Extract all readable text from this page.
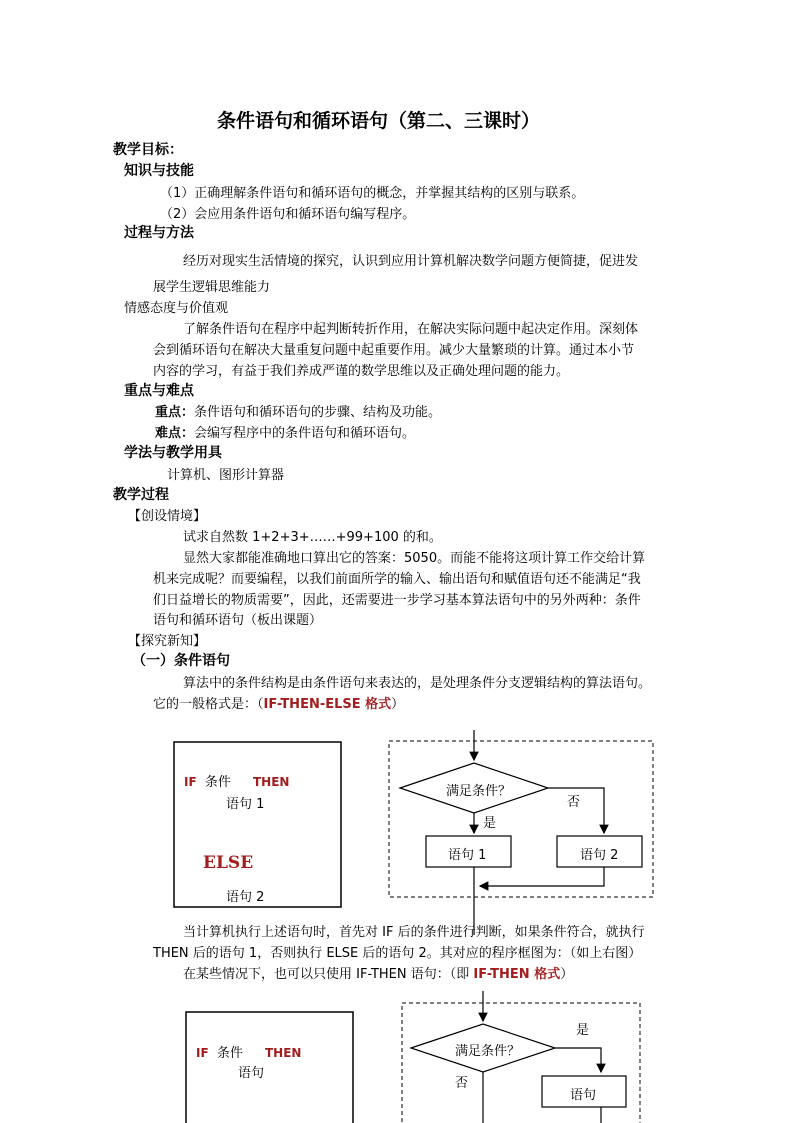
条件语句和循环语句（第二、三课时）
教学目标：
知识与技能
（1）正确理解条件语句和循环语句的概念，并掌握其结构的区别与联系。
（2）会应用条件语句和循环语句编写程序。
过程与方法
经历对现实生活情境的探究，认识到应用计算机解决数学问题方便简捷，促进发
展学生逻辑思维能力
情感态度与价值观
了解条件语句在程序中起判断转折作用，在解决实际问题中起决定作用。深刻体
会到循环语句在解决大量重复问题中起重要作用。减少大量繁琐的计算。通过本小节
内容的学习，有益于我们养成严谨的数学思维以及正确处理问题的能力。
重点与难点
重点：条件语句和循环语句的步骤、结构及功能。
难点：会编写程序中的条件语句和循环语句。
学法与教学用具
计算机、图形计算器
教学过程
【创设情境】
试求自然数 1+2+3+……+99+100 的和。
显然大家都能准确地口算出它的答案：5050。而能不能将这项计算工作交给计算
机来完成呢？而要编程，以我们前面所学的输入、输出语句和赋值语句还不能满足“我
们日益增长的物质需要”，因此，还需要进一步学习基本算法语句中的另外两种：条件
语句和循环语句（板出课题）
【探究新知】
（一）条件语句
算法中的条件结构是由条件语句来表达的，是处理条件分支逻辑结构的算法语句。
它的一般格式是：（IF-THEN-ELSE 格式）
IF 条件 THEN
语句 1
ELSE
语句 2
满足条件？
否
是
语句 1	语句 2
当计算机执行上述语句时，首先对 IF 后的条件进行判断，如果条件符合，就执行
THEN 后的语句 1，否则执行 ELSE 后的语句 2。其对应的程序框图为：（如上右图）
在某些情况下，也可以只使用 IF-THEN 语句：（即 IF-THEN 格式）
IF 条件 THEN
语句
满足条件？
是
否
语句
